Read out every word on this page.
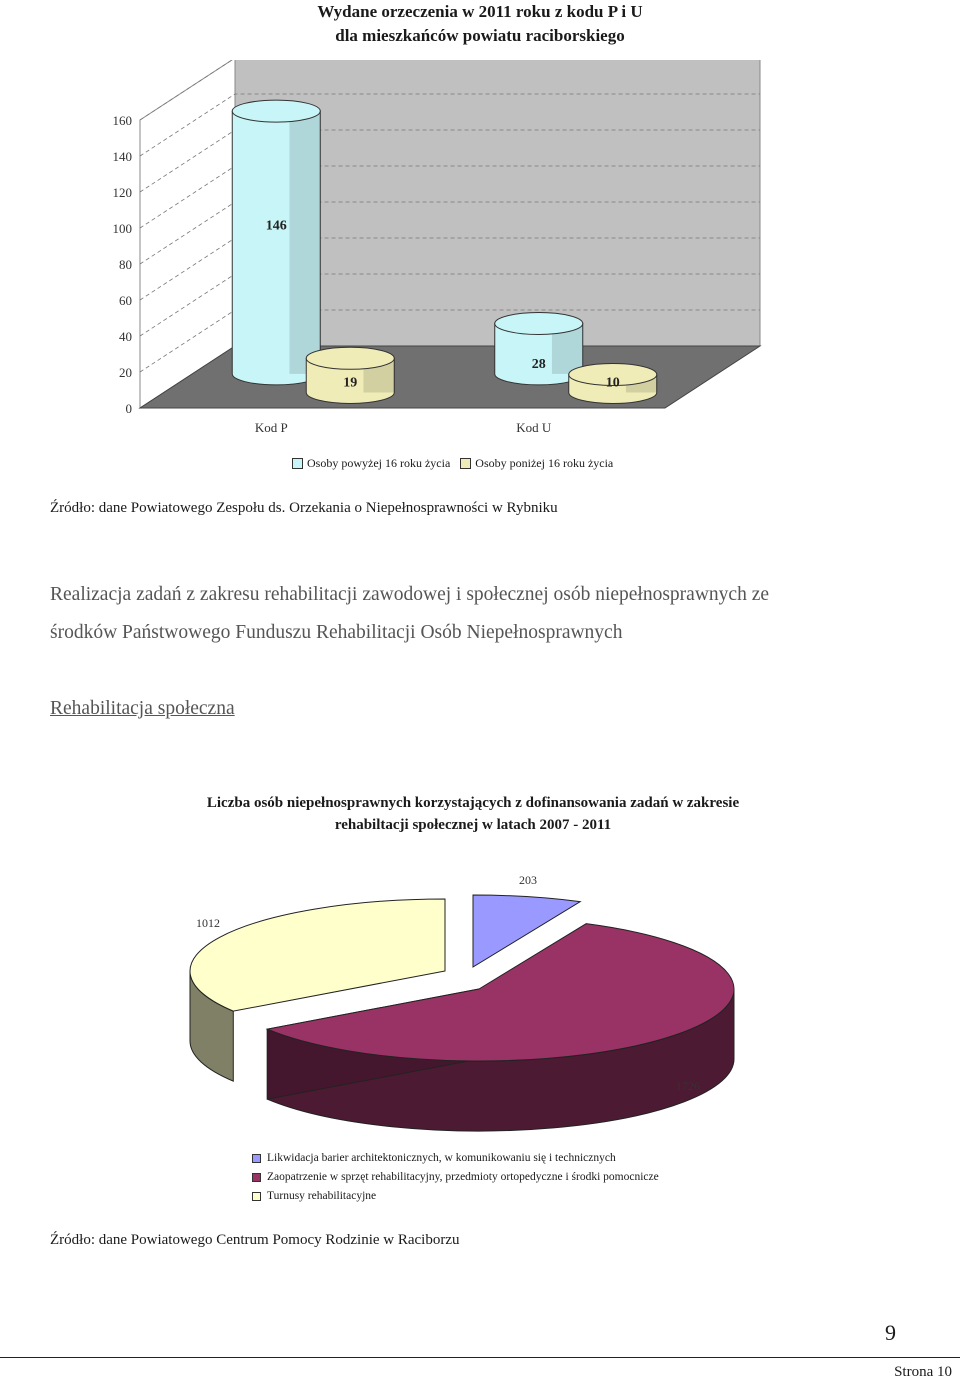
Wydane orzeczenia w 2011 roku z kodu P i U
dla mieszkańców powiatu raciborskiego
0
20
40
60
80
100
120
140
160
Kod P
146
19
Kod U
28
10
Osoby powyżej 16 roku życia Osoby poniżej 16 roku życia
Źródło: dane Powiatowego Zespołu ds. Orzekania o Niepełnosprawności w Rybniku
Realizacja zadań z zakresu rehabilitacji zawodowej i społecznej osób niepełnosprawnych ze
środków Państwowego Funduszu Rehabilitacji Osób Niepełnosprawnych
Rehabilitacja społeczna
Liczba osób niepełnosprawnych korzystających z dofinansowania zadań w zakresie
rehabiltacji społecznej w latach 2007 - 2011
203
1726
1012
Likwidacja barier architektonicznych, w komunikowaniu się i technicznych
Zaopatrzenie w sprzęt rehabilitacyjny, przedmioty ortopedyczne i środki pomocnicze
Turnusy rehabilitacyjne
Źródło: dane Powiatowego Centrum Pomocy Rodzinie w Raciborzu
9
Strona 10
